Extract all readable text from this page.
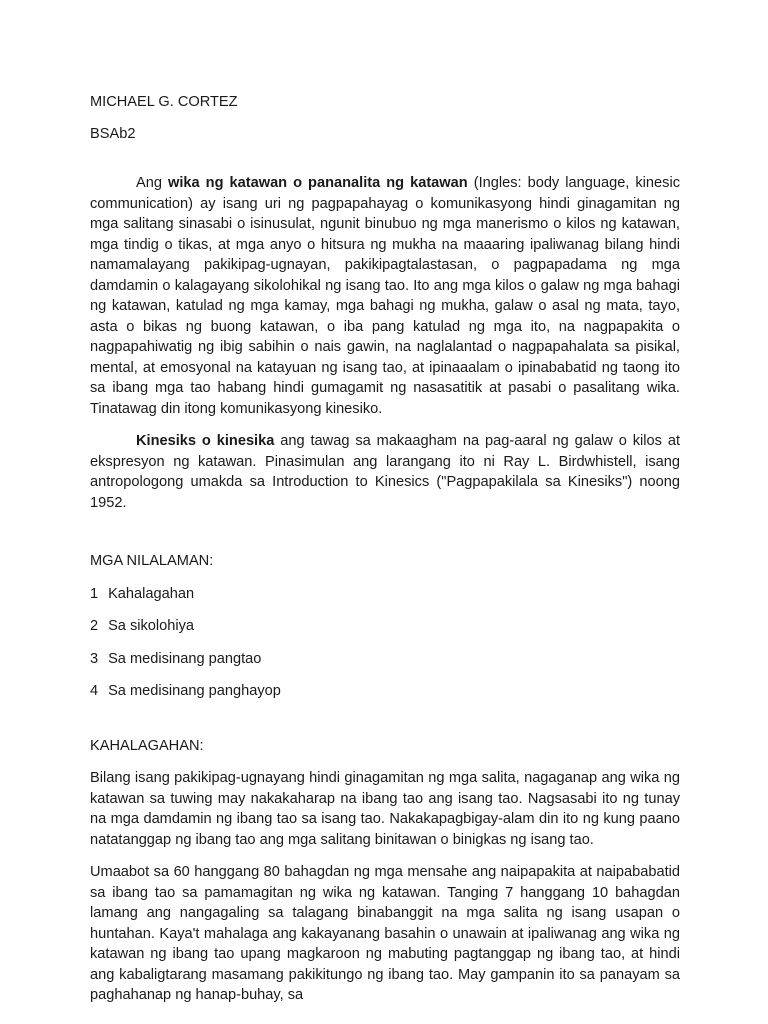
MICHAEL G. CORTEZ

BSAb2

Ang wika ng katawan o pananalita ng katawan (Ingles: body language, kinesic communication) ay isang uri ng pagpapahayag o komunikasyong hindi ginagamitan ng mga salitang sinasabi o isinusulat, ngunit binubuo ng mga manerismo o kilos ng katawan, mga tindig o tikas, at mga anyo o hitsura ng mukha na maaaring ipaliwanag bilang hindi namamalayang pakikipag-ugnayan, pakikipagtalastasan, o pagpapadama ng mga damdamin o kalagayang sikolohikal ng isang tao. Ito ang mga kilos o galaw ng mga bahagi ng katawan, katulad ng mga kamay, mga bahagi ng mukha, galaw o asal ng mata, tayo, asta o bikas ng buong katawan, o iba pang katulad ng mga ito, na nagpapakita o nagpapahiwatig ng ibig sabihin o nais gawin, na naglalantad o nagpapahalata sa pisikal, mental, at emosyonal na katayuan ng isang tao, at ipinaaalam o ipinababatid ng taong ito sa ibang mga tao habang hindi gumagamit ng nasasatitik at pasabi o pasalitang wika. Tinatawag din itong komunikasyong kinesiko.

Kinesiks o kinesika ang tawag sa makaagham na pag-aaral ng galaw o kilos at ekspresyon ng katawan. Pinasimulan ang larangang ito ni Ray L. Birdwhistell, isang antropologong umakda sa Introduction to Kinesics ("Pagpapakilala sa Kinesiks") noong 1952.

MGA NILALAMAN:

1 Kahalagahan
2 Sa sikolohiya
3 Sa medisinang pangtao
4 Sa medisinang panghayop

KAHALAGAHAN:

Bilang isang pakikipag-ugnayang hindi ginagamitan ng mga salita, nagaganap ang wika ng katawan sa tuwing may nakakaharap na ibang tao ang isang tao. Nagsasabi ito ng tunay na mga damdamin ng ibang tao sa isang tao. Nakakapagbigay-alam din ito ng kung paano natatanggap ng ibang tao ang mga salitang binitawan o binigkas ng isang tao.

Umaabot sa 60 hanggang 80 bahagdan ng mga mensahe ang naipapakita at naipababatid sa ibang tao sa pamamagitan ng wika ng katawan. Tanging 7 hanggang 10 bahagdan lamang ang nangagaling sa talagang binabanggit na mga salita ng isang usapan o huntahan. Kaya't mahalaga ang kakayanang basahin o unawain at ipaliwanag ang wika ng katawan ng ibang tao upang magkaroon ng mabuting pagtanggap ng ibang tao, at hindi ang kabaligtarang masamang pakikitungo ng ibang tao. May gampanin ito sa panayam sa paghahanap ng hanap-buhay, sa
